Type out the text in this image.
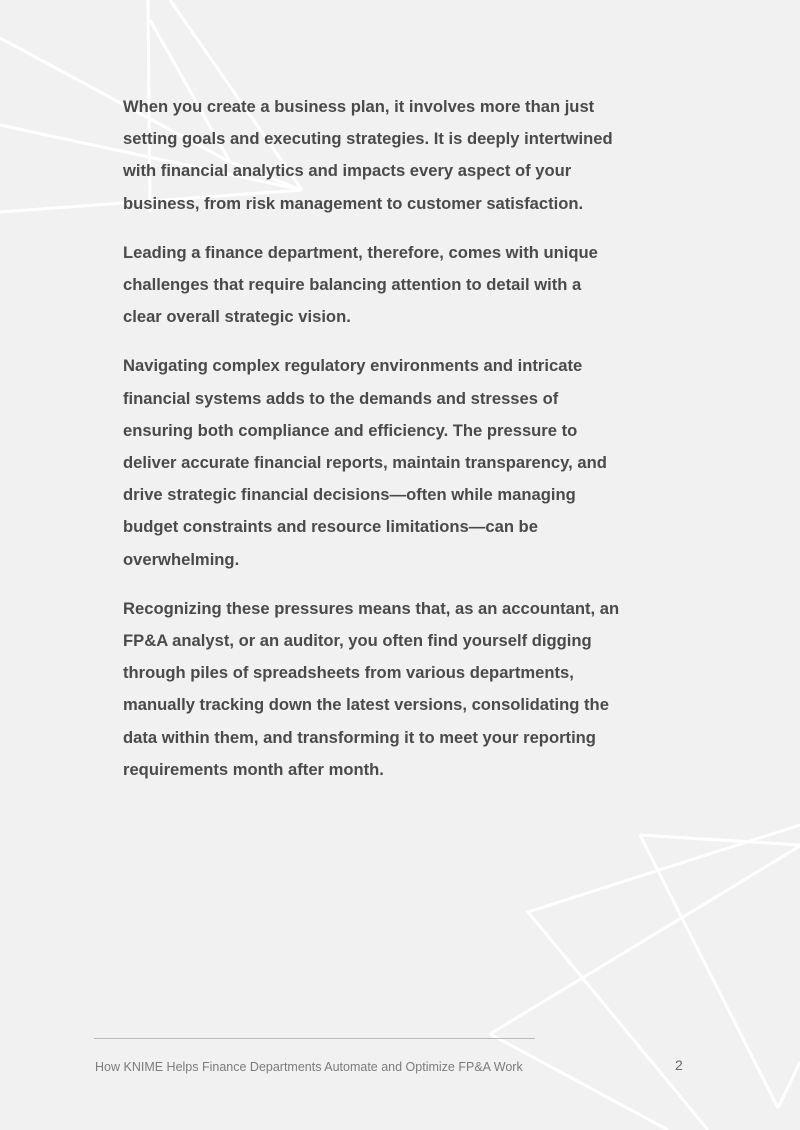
When you create a business plan, it involves more than just setting goals and executing strategies. It is deeply intertwined with financial analytics and impacts every aspect of your business, from risk management to customer satisfaction.

Leading a finance department, therefore, comes with unique challenges that require balancing attention to detail with a clear overall strategic vision.

Navigating complex regulatory environments and intricate financial systems adds to the demands and stresses of ensuring both compliance and efficiency. The pressure to deliver accurate financial reports, maintain transparency, and drive strategic financial decisions—often while managing budget constraints and resource limitations—can be overwhelming.

Recognizing these pressures means that, as an accountant, an FP&A analyst, or an auditor, you often find yourself digging through piles of spreadsheets from various departments, manually tracking down the latest versions, consolidating the data within them, and transforming it to meet your reporting requirements month after month.

How KNIME Helps Finance Departments Automate and Optimize FP&A Work	2
